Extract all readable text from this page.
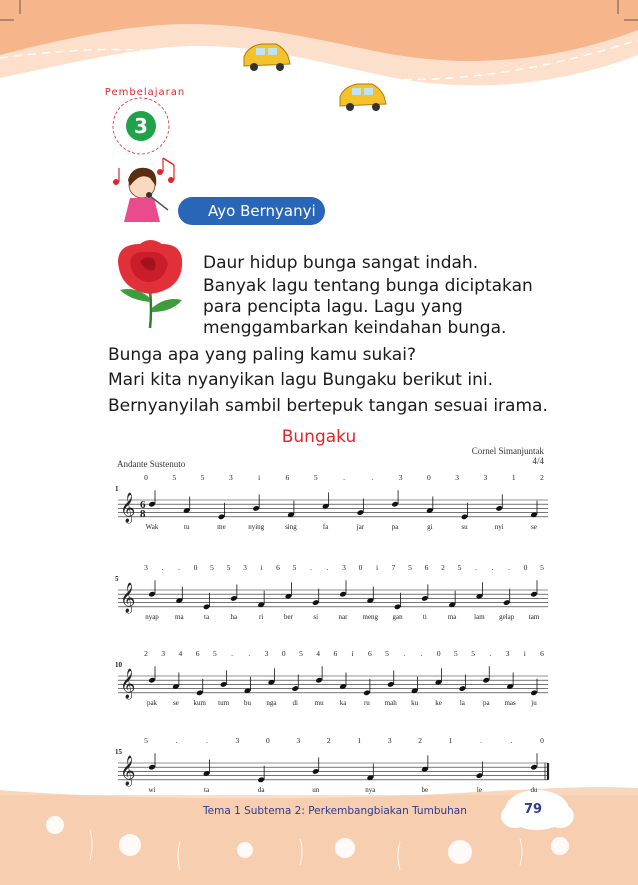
Pembelajaran
3
Ayo Bernyanyi
Daur hidup bunga sangat indah.
Banyak lagu tentang bunga diciptakan
para pencipta lagu. Lagu yang
menggambarkan keindahan bunga.
Bunga apa yang paling kamu sukai?
Mari kita nyanyikan lagu Bungaku berikut ini.
Bernyanyilah sambil bertepuk tangan sesuai irama.
Bungaku
Cornel Simanjuntak
4/4
Andante Sustenuto
𝄞
1
6
8
0	5	5	3	i	6	5	.	.	3	0	3	3	1	2
Wak	tu	me	nying	sing	fa	jar	pa	gi	su	nyi	se
𝄞
5
3 . . 0 5 5 3 i 6 5 . . 3 0 i 7 5 6 2 5 . . . 0 5
nyap ma	ta	ha	ri	ber	si	nar meng gan	ti	ma	lam gelap tam
𝄞
10
2 3 4 6 5 . . 3 0 5 4 6 i 6 5 . . 0 5 5 . 3 i 6
pak se kum tum bu nga di mu ka	ru mah ku ke	la	pa mas ju
𝄞
15
5	.	.	3	0	3	2	1	3	2	1	.	.	0
wi	ta	da	un	nya	be	le	du
Tema 1 Subtema 2: Perkembangbiakan Tumbuhan	79
